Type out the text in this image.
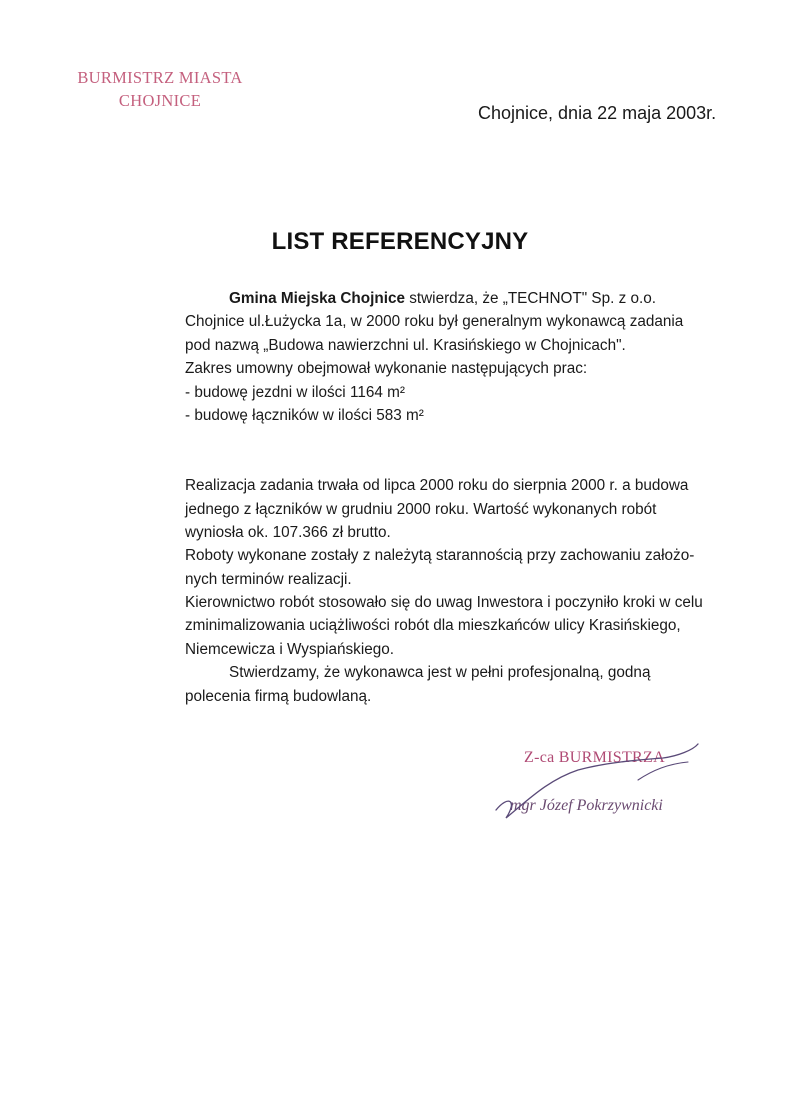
BURMISTRZ MIASTA
CHOJNICE
Chojnice, dnia 22 maja 2003r.
LIST REFERENCYJNY
Gmina Miejska Chojnice stwierdza, że „TECHNOT" Sp. z o.o.
Chojnice ul.Łużycka 1a, w 2000 roku był generalnym wykonawcą zadania
pod nazwą „Budowa nawierzchni ul. Krasińskiego w Chojnicach".
Zakres umowny obejmował wykonanie następujących prac:
- budowę jezdni w ilości 1164 m²
- budowę łączników w ilości 583 m²
Realizacja zadania trwała od lipca 2000 roku do sierpnia 2000 r. a budowa
jednego z łączników w grudniu 2000 roku. Wartość wykonanych robót
wyniosła ok. 107.366 zł brutto.
Roboty wykonane zostały z należytą starannością przy zachowaniu założo-
nych terminów realizacji.
Kierownictwo robót stosowało się do uwag Inwestora i poczyniło kroki w celu
zminimalizowania uciążliwości robót dla mieszkańców ulicy Krasińskiego,
Niemcewicza i Wyspiańskiego.
Stwierdzamy, że wykonawca jest w pełni profesjonalną, godną
polecenia firmą budowlaną.
Z-ca BURMISTRZA
mgr Józef Pokrzywnicki
